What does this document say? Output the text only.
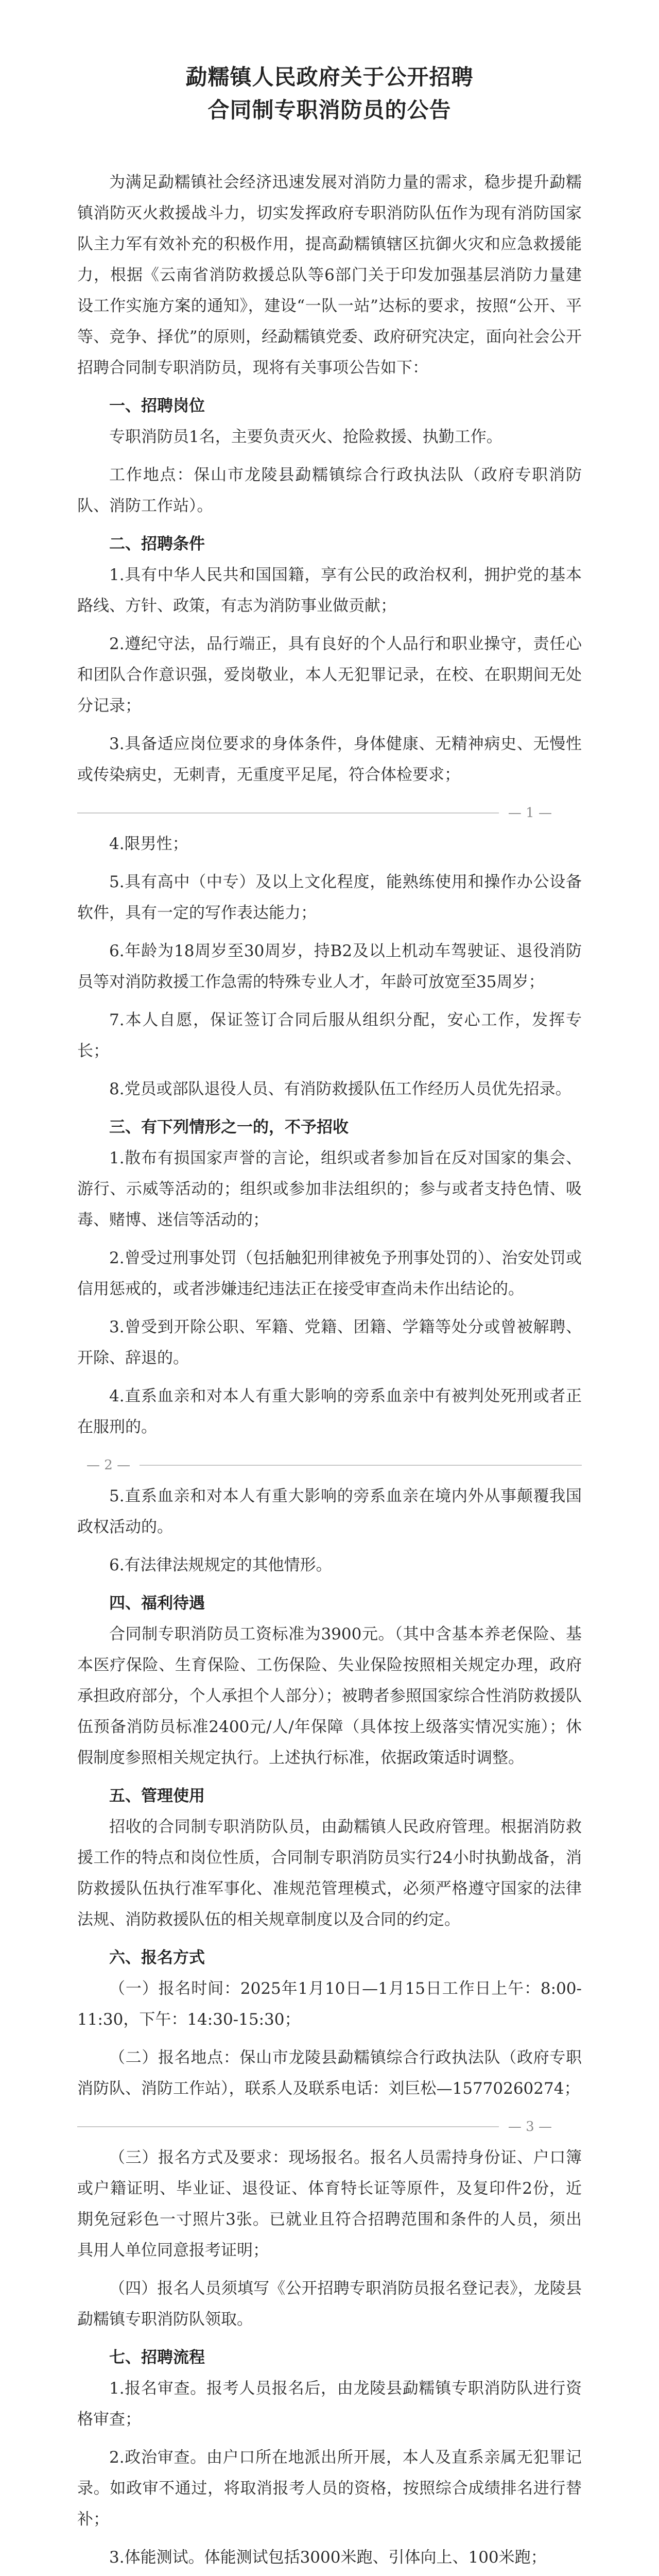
勐糯镇人民政府关于公开招聘
合同制专职消防员的公告

为满足勐糯镇社会经济迅速发展对消防力量的需求，稳步提升勐糯镇消防灭火救援战斗力，切实发挥政府专职消防队伍作为现有消防国家队主力军有效补充的积极作用，提高勐糯镇辖区抗御火灾和应急救援能力，根据《云南省消防救援总队等6部门关于印发加强基层消防力量建设工作实施方案的通知》，建设“一队一站”达标的要求，按照“公开、平等、竞争、择优”的原则，经勐糯镇党委、政府研究决定，面向社会公开招聘合同制专职消防员，现将有关事项公告如下：

一、招聘岗位

专职消防员1名，主要负责灭火、抢险救援、执勤工作。

工作地点：保山市龙陵县勐糯镇综合行政执法队（政府专职消防队、消防工作站）。

二、招聘条件

1.具有中华人民共和国国籍，享有公民的政治权利，拥护党的基本路线、方针、政策，有志为消防事业做贡献；

2.遵纪守法，品行端正，具有良好的个人品行和职业操守，责任心和团队合作意识强，爱岗敬业，本人无犯罪记录，在校、在职期间无处分记录；

3.具备适应岗位要求的身体条件，身体健康、无精神病史、无慢性或传染病史，无刺青，无重度平足尾，符合体检要求；

— 1 —

4.限男性；

5.具有高中（中专）及以上文化程度，能熟练使用和操作办公设备软件，具有一定的写作表达能力；

6.年龄为18周岁至30周岁，持B2及以上机动车驾驶证、退役消防员等对消防救援工作急需的特殊专业人才，年龄可放宽至35周岁；

7.本人自愿，保证签订合同后服从组织分配，安心工作，发挥专长；

8.党员或部队退役人员、有消防救援队伍工作经历人员优先招录。

三、有下列情形之一的，不予招收

1.散布有损国家声誉的言论，组织或者参加旨在反对国家的集会、游行、示威等活动的；组织或参加非法组织的；参与或者支持色情、吸毒、赌博、迷信等活动的；

2.曾受过刑事处罚（包括触犯刑律被免予刑事处罚的）、治安处罚或信用惩戒的，或者涉嫌违纪违法正在接受审查尚未作出结论的。

3.曾受到开除公职、军籍、党籍、团籍、学籍等处分或曾被解聘、开除、辞退的。

4.直系血亲和对本人有重大影响的旁系血亲中有被判处死刑或者正在服刑的。

— 2 —

5.直系血亲和对本人有重大影响的旁系血亲在境内外从事颠覆我国政权活动的。

6.有法律法规规定的其他情形。

四、福利待遇

合同制专职消防员工资标准为3900元。（其中含基本养老保险、基本医疗保险、生育保险、工伤保险、失业保险按照相关规定办理，政府承担政府部分，个人承担个人部分）；被聘者参照国家综合性消防救援队伍预备消防员标准2400元/人/年保障（具体按上级落实情况实施）；休假制度参照相关规定执行。上述执行标准，依据政策适时调整。

五、管理使用

招收的合同制专职消防队员，由勐糯镇人民政府管理。根据消防救援工作的特点和岗位性质，合同制专职消防员实行24小时执勤战备，消防救援队伍执行准军事化、准规范管理模式，必须严格遵守国家的法律法规、消防救援队伍的相关规章制度以及合同的约定。

六、报名方式

（一）报名时间：2025年1月10日—1月15日工作日上午：8:00-11:30，下午：14:30-15:30；

（二）报名地点：保山市龙陵县勐糯镇综合行政执法队（政府专职消防队、消防工作站），联系人及联系电话：刘巨松—15770260274；

— 3 —

（三）报名方式及要求：现场报名。报名人员需持身份证、户口簿或户籍证明、毕业证、退役证、体育特长证等原件，及复印件2份，近期免冠彩色一寸照片3张。已就业且符合招聘范围和条件的人员，须出具用人单位同意报考证明；

（四）报名人员须填写《公开招聘专职消防员报名登记表》，龙陵县勐糯镇专职消防队领取。

七、招聘流程

1.报名审查。报考人员报名后，由龙陵县勐糯镇专职消防队进行资格审查；

2.政治审查。由户口所在地派出所开展，本人及直系亲属无犯罪记录。如政审不通过，将取消报考人员的资格，按照综合成绩排名进行替补；

3.体能测试。体能测试包括3000米跑、引体向上、100米跑；
